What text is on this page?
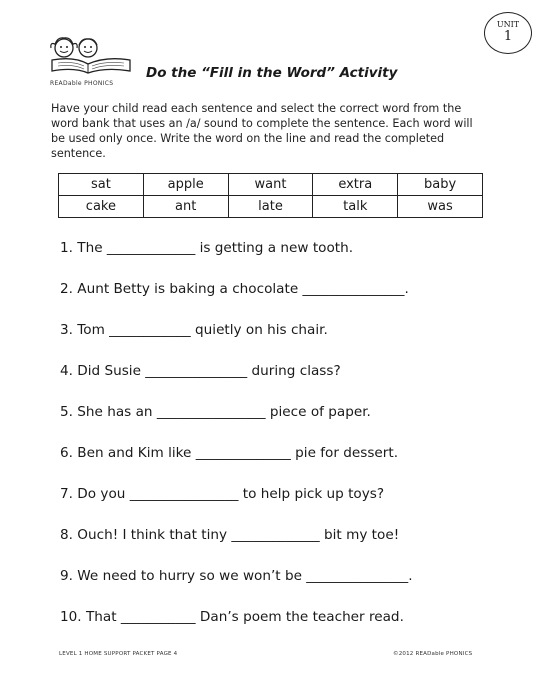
READable PHONICS
UNIT
1
Do the “Fill in the Word” Activity
Have your child read each sentence and select the correct word from the word bank that uses an /a/ sound to complete the sentence. Each word will be used only once. Write the word on the line and read the completed sentence.
sat	apple	want	extra	baby
cake	ant	late	talk	was
1. The _____________ is getting a new tooth.
2. Aunt Betty is baking a chocolate _______________.
3. Tom ____________ quietly on his chair.
4. Did Susie _______________ during class?
5. She has an ________________ piece of paper.
6. Ben and Kim like ______________ pie for dessert.
7. Do you ________________ to help pick up toys?
8. Ouch! I think that tiny _____________ bit my toe!
9. We need to hurry so we won’t be _______________.
10. That ___________ Dan’s poem the teacher read.
LEVEL 1 HOME SUPPORT PACKET PAGE 4	©2012 READable PHONICS
